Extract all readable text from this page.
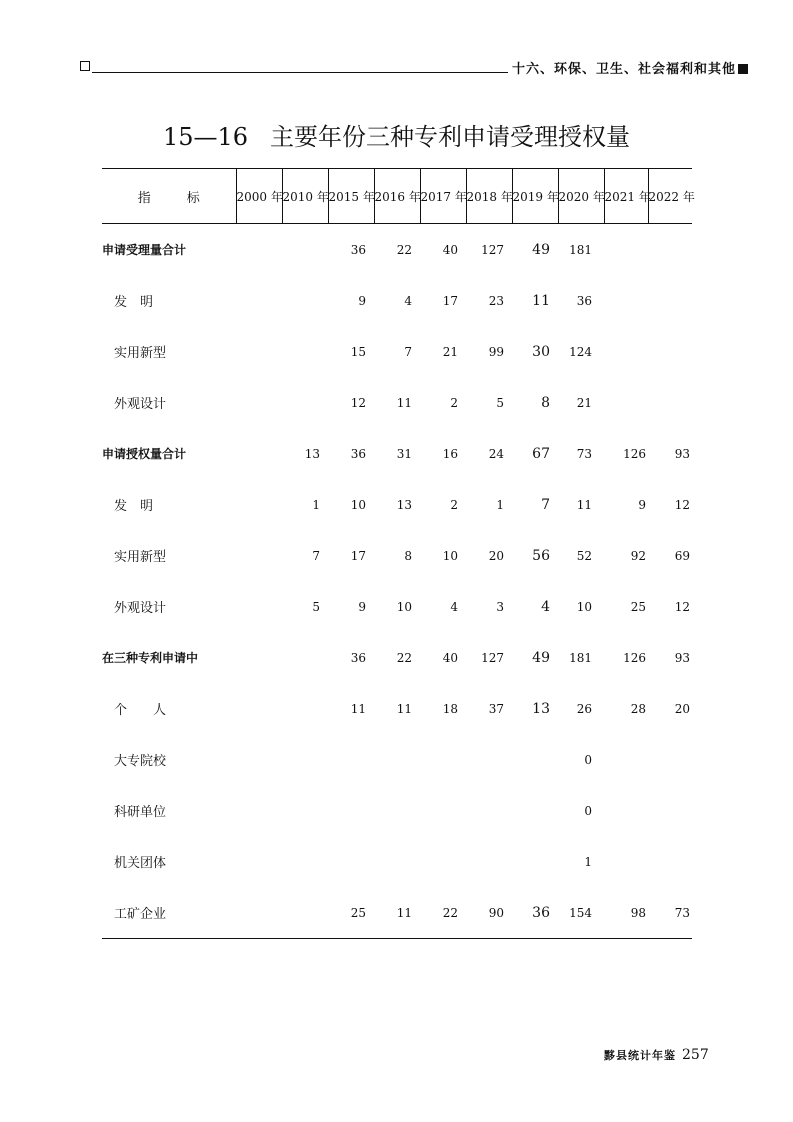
十六、环保、卫生、社会福利和其他
15—16 主要年份三种专利申请受理授权量
指 标	2000 年	2010 年	2015 年	2016 年	2017 年	2018 年	2019 年	2020 年	2021 年	2022 年
申请受理量合计			36	22	40	127	49	181		
发　明			9	4	17	23	11	36		
实用新型			15	7	21	99	30	124		
外观设计			12	11	2	5	8	21		
申请授权量合计		13	36	31	16	24	67	73	126	93
发　明		1	10	13	2	1	7	11	9	12
实用新型		7	17	8	10	20	56	52	92	69
外观设计		5	9	10	4	3	4	10	25	12
在三种专利申请中			36	22	40	127	49	181	126	93
个　　人			11	11	18	37	13	26	28	20
大专院校								0		
科研单位								0		
机关团体								1		
工矿企业			25	11	22	90	36	154	98	73
黟县统计年鉴 257
